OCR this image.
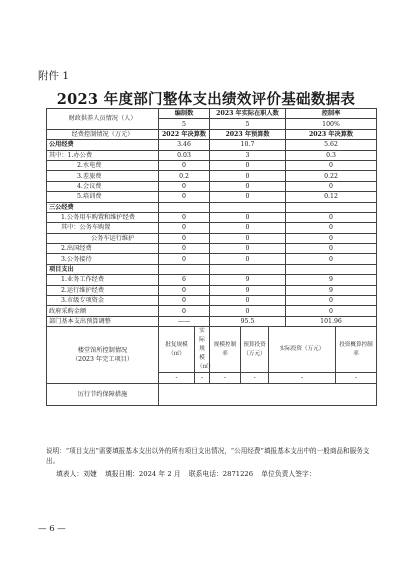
附件 1
2023 年度部门整体支出绩效评价基础数据表
财政供养人员情况（人）	编制数		2023 年实际在职人数			控制率	
	5		5			100%	
经费控制情况（万元）	2022 年决算数		2023 年预算数			2023 年决算数	
公用经费	3.46		10.7			5.62	
其中：1.办公费	0.03		3			0.3	
2.水电费	0		0			0	
3.差旅费	0.2		0			0.22	
4.会议费	0		0			0	
5.培训费	0		0			0.12	
三公经费							
1.公务用车购置和维护经费	0		0			0	
其中：公务车购置	0		0			0	
公务车运行维护	0		0			0	
2.出国经费	0		0			0	
3.公务接待	0		0			0	
项目支出							
1.业务工作经费	6		9			9	
2.运行维护经费	0		9			9	
3.市级专项资金	0		0			0	
政府采购金额	0		0			0	
部门基本支出预算调整	——		95.5			101.96	

楼堂馆所控制情况
（2023 年完工项目）	批复规模（㎡）	实际规模（㎡）	规模控制率	预算投资（万元）	实际投资（万元）		投资概算控制率
	-	-	-	-	-		-
厉行节约保障措施							
说明：“项目支出”需要填报基本支出以外的所有项目支出情况，“公用经费”填报基本支出中的一般商品和服务支出。
填表人：刘婕 填报日期：2024 年 2 月 联系电话：2871226 单位负责人签字：
— 6 —
